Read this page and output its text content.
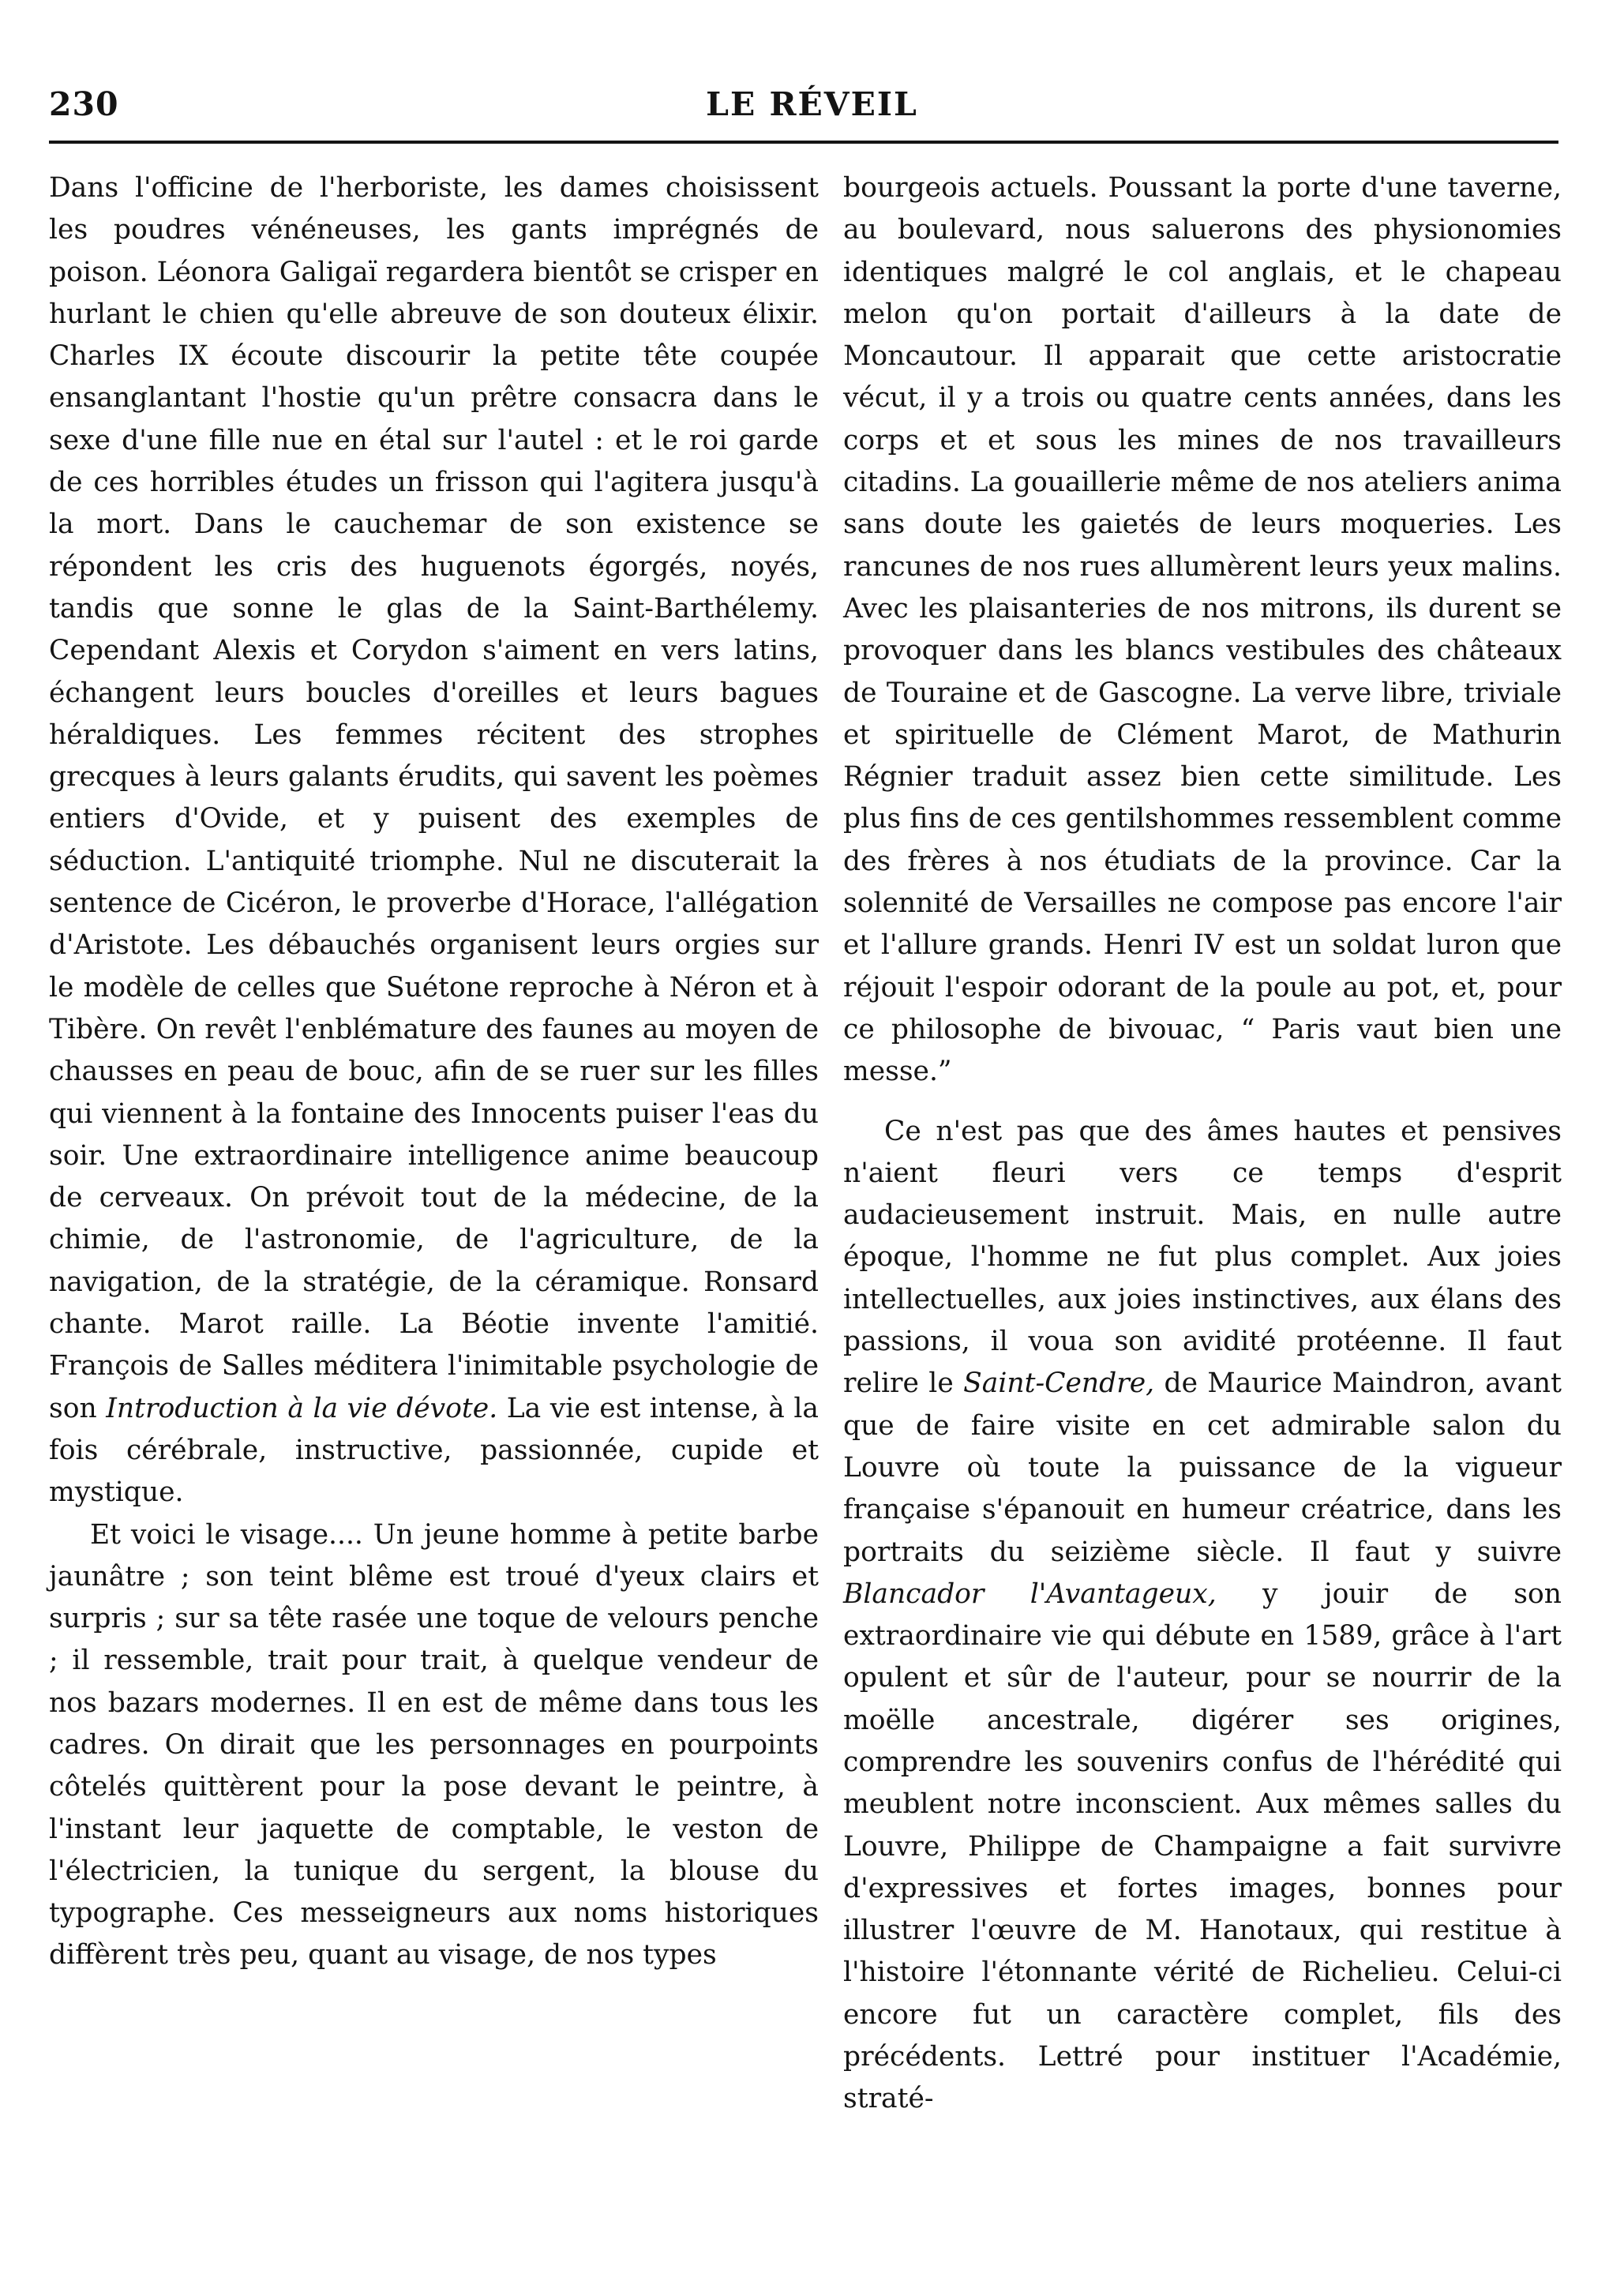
230	LE RÉVEIL

Dans l'officine de l'herboriste, les dames choisissent les poudres vénéneuses, les gants imprégnés de poison. Léonora Galigaï regardera bientôt se crisper en hurlant le chien qu'elle abreuve de son douteux élixir. Charles IX écoute discourir la petite tête coupée ensanglantant l'hostie qu'un prêtre consacra dans le sexe d'une fille nue en étal sur l'autel : et le roi garde de ces horribles études un frisson qui l'agitera jusqu'à la mort. Dans le cauchemar de son existence se répondent les cris des huguenots égorgés, noyés, tandis que sonne le glas de la Saint-Barthélemy. Cependant Alexis et Corydon s'aiment en vers latins, échangent leurs boucles d'oreilles et leurs bagues héraldiques. Les femmes récitent des strophes grecques à leurs galants érudits, qui savent les poèmes entiers d'Ovide, et y puisent des exemples de séduction. L'antiquité triomphe. Nul ne discuterait la sentence de Cicéron, le proverbe d'Horace, l'allégation d'Aristote. Les débauchés organisent leurs orgies sur le modèle de celles que Suétone reproche à Néron et à Tibère. On revêt l'enblémature des faunes au moyen de chausses en peau de bouc, afin de se ruer sur les filles qui viennent à la fontaine des Innocents puiser l'eas du soir. Une extraordinaire intelligence anime beaucoup de cerveaux. On prévoit tout de la médecine, de la chimie, de l'astronomie, de l'agriculture, de la navigation, de la stratégie, de la céramique. Ronsard chante. Marot raille. La Béotie invente l'amitié. François de Salles méditera l'inimitable psychologie de son Introduction à la vie dévote. La vie est intense, à la fois cérébrale, instructive, passionnée, cupide et mystique.

Et voici le visage.... Un jeune homme à petite barbe jaunâtre ; son teint blême est troué d'yeux clairs et surpris ; sur sa tête rasée une toque de velours penche ; il ressemble, trait pour trait, à quelque vendeur de nos bazars modernes. Il en est de même dans tous les cadres. On dirait que les personnages en pourpoints côtelés quittèrent pour la pose devant le peintre, à l'instant leur jaquette de comptable, le veston de l'électricien, la tunique du sergent, la blouse du typographe. Ces messeigneurs aux noms historiques diffèrent très peu, quant au visage, de nos types

bourgeois actuels. Poussant la porte d'une taverne, au boulevard, nous saluerons des physionomies identiques malgré le col anglais, et le chapeau melon qu'on portait d'ailleurs à la date de Moncautour. Il apparait que cette aristocratie vécut, il y a trois ou quatre cents années, dans les corps et et sous les mines de nos travailleurs citadins. La gouaillerie même de nos ateliers anima sans doute les gaietés de leurs moqueries. Les rancunes de nos rues allumèrent leurs yeux malins. Avec les plaisanteries de nos mitrons, ils durent se provoquer dans les blancs vestibules des châteaux de Touraine et de Gascogne. La verve libre, triviale et spirituelle de Clément Marot, de Mathurin Régnier traduit assez bien cette similitude. Les plus fins de ces gentilshommes ressemblent comme des frères à nos étudiats de la province. Car la solennité de Versailles ne compose pas encore l'air et l'allure grands. Henri IV est un soldat luron que réjouit l'espoir odorant de la poule au pot, et, pour ce philosophe de bivouac, “ Paris vaut bien une messe.”

Ce n'est pas que des âmes hautes et pensives n'aient fleuri vers ce temps d'esprit audacieusement instruit. Mais, en nulle autre époque, l'homme ne fut plus complet. Aux joies intellectuelles, aux joies instinctives, aux élans des passions, il voua son avidité protéenne. Il faut relire le Saint-Cendre, de Maurice Maindron, avant que de faire visite en cet admirable salon du Louvre où toute la puissance de la vigueur française s'épanouit en humeur créatrice, dans les portraits du seizième siècle. Il faut y suivre Blancador l'Avantageux, y jouir de son extraordinaire vie qui débute en 1589, grâce à l'art opulent et sûr de l'auteur, pour se nourrir de la moëlle ancestrale, digérer ses origines, comprendre les souvenirs confus de l'hérédité qui meublent notre inconscient. Aux mêmes salles du Louvre, Philippe de Champaigne a fait survivre d'expressives et fortes images, bonnes pour illustrer l'œuvre de M. Hanotaux, qui restitue à l'histoire l'étonnante vérité de Richelieu. Celui-ci encore fut un caractère complet, fils des précédents. Lettré pour instituer l'Académie, straté-
